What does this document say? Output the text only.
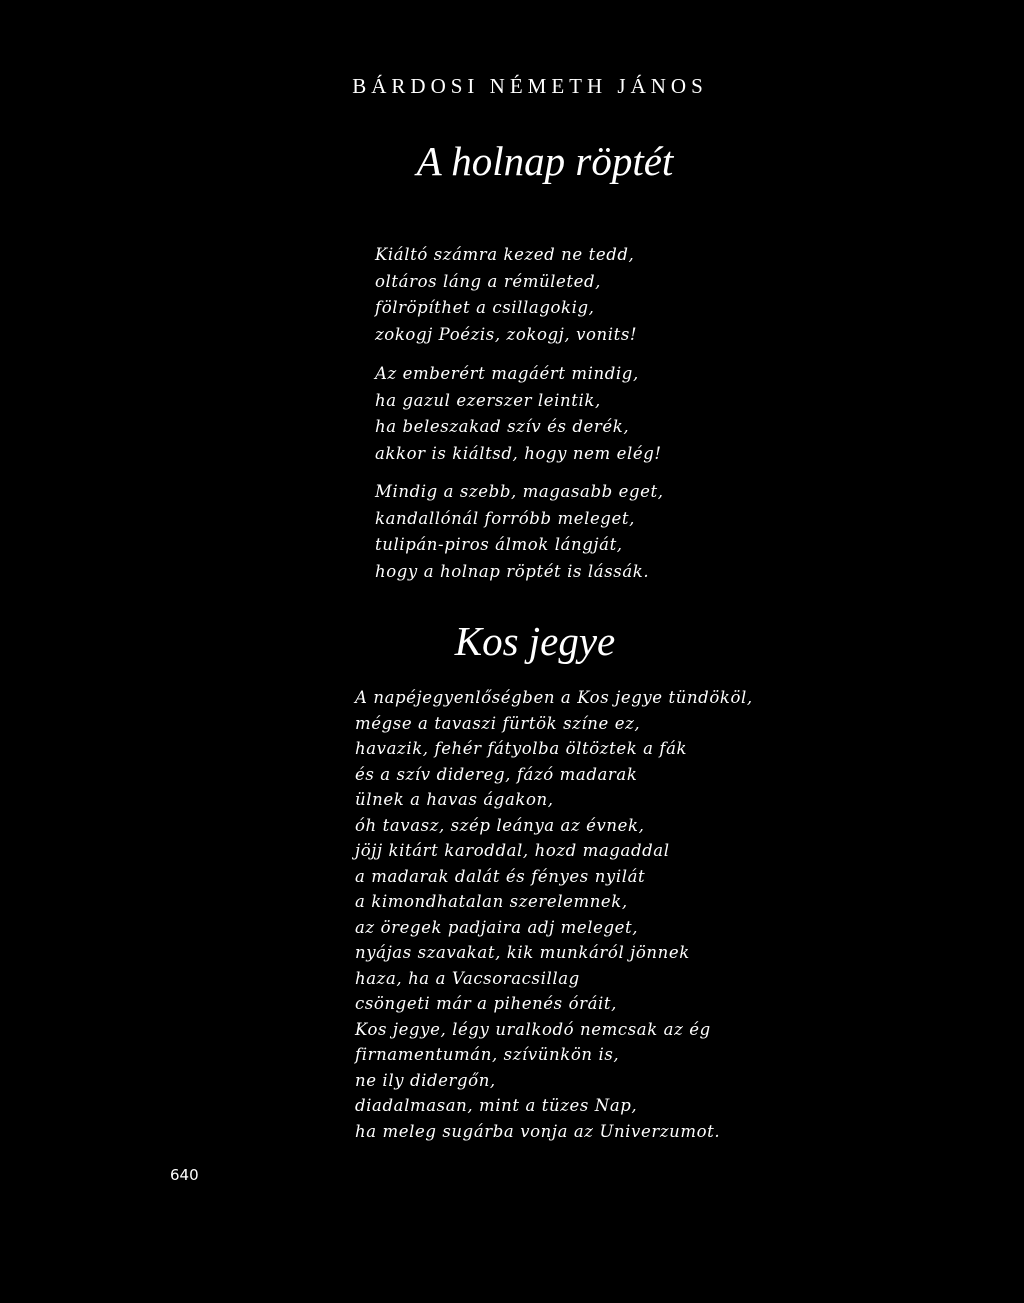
BÁRDOSI NÉMETH JÁNOS
A holnap röptét
Kiáltó számra kezed ne tedd,
oltáros láng a rémületed,
fölröpíthet a csillagokig,
zokogj Poézis, zokogj, vonits!
Az emberért magáért mindig,
ha gazul ezerszer leintik,
ha beleszakad szív és derék,
akkor is kiáltsd, hogy nem elég!
Mindig a szebb, magasabb eget,
kandallónál forróbb meleget,
tulipán-piros álmok lángját,
hogy a holnap röptét is lássák.
Kos jegye
A napéjegyenlőségben a Kos jegye tündököl,
mégse a tavaszi fürtök színe ez,
havazik, fehér fátyolba öltöztek a fák
és a szív didereg, fázó madarak
ülnek a havas ágakon,
óh tavasz, szép leánya az évnek,
jöjj kitárt karoddal, hozd magaddal
a madarak dalát és fényes nyilát
a kimondhatalan szerelemnek,
az öregek padjaira adj meleget,
nyájas szavakat, kik munkáról jönnek
haza, ha a Vacsoracsillag
csöngeti már a pihenés óráit,
Kos jegye, légy uralkodó nemcsak az ég
firnamentumán, szívünkön is,
ne ily didergőn,
diadalmasan, mint a tüzes Nap,
ha meleg sugárba vonja az Univerzumot.

640
